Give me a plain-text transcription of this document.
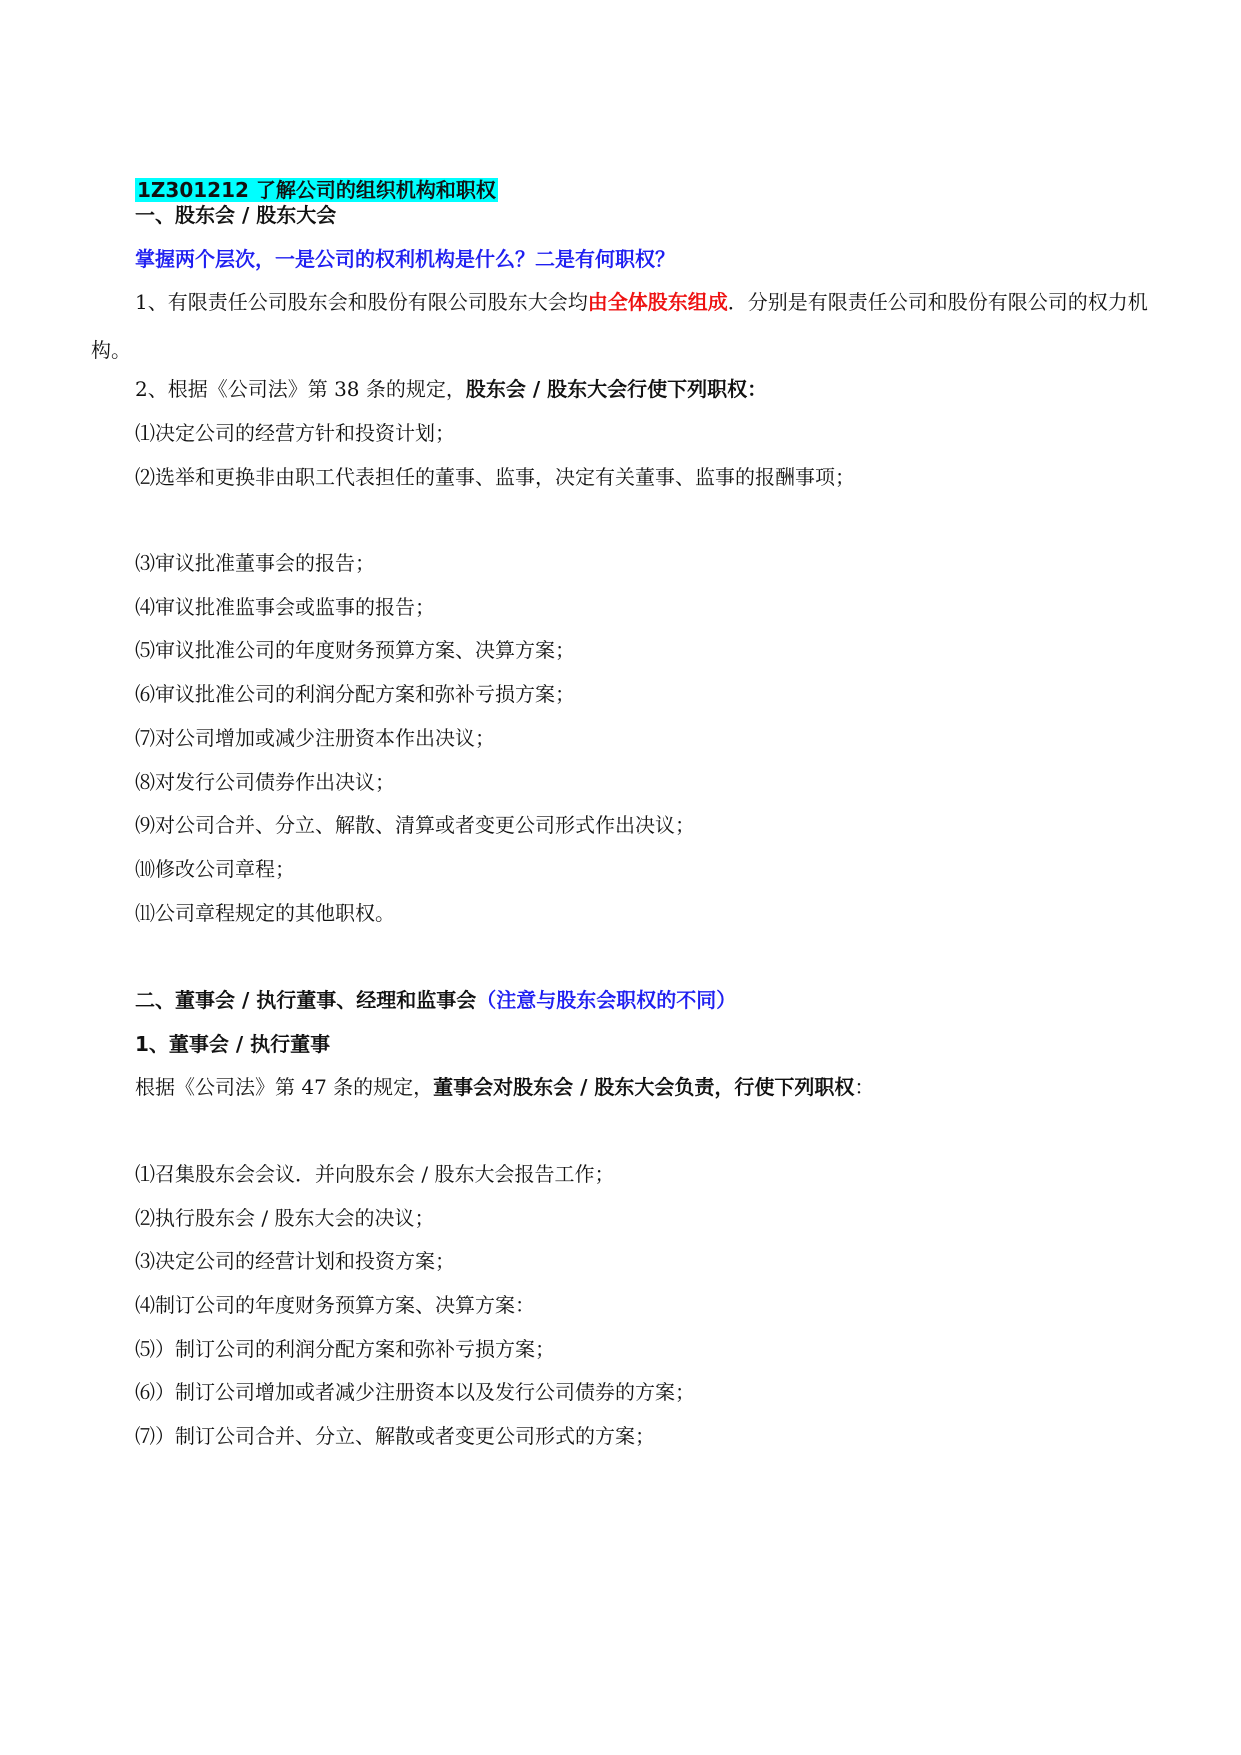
1Z301212 了解公司的组织机构和职权
一、股东会 / 股东大会
掌握两个层次，一是公司的权利机构是什么？二是有何职权？
1、有限责任公司股东会和股份有限公司股东大会均由全体股东组成．分别是有限责任公司和股份有限公司的权力机构。
2、根据《公司法》第 38 条的规定，股东会 / 股东大会行使下列职权：
⑴决定公司的经营方针和投资计划；
⑵选举和更换非由职工代表担任的董事、监事，决定有关董事、监事的报酬事项；
⑶审议批准董事会的报告；
⑷审议批准监事会或监事的报告；
⑸审议批准公司的年度财务预算方案、决算方案；
⑹审议批准公司的利润分配方案和弥补亏损方案；
⑺对公司增加或减少注册资本作出决议；
⑻对发行公司债券作出决议；
⑼对公司合并、分立、解散、清算或者变更公司形式作出决议；
⑽修改公司章程；
⑾公司章程规定的其他职权。
二、董事会 / 执行董事、经理和监事会（注意与股东会职权的不同）
1、董事会 / 执行董事
根据《公司法》第 47 条的规定，董事会对股东会 / 股东大会负责，行使下列职权：
⑴召集股东会会议．并向股东会 / 股东大会报告工作；
⑵执行股东会 / 股东大会的决议；
⑶决定公司的经营计划和投资方案；
⑷制订公司的年度财务预算方案、决算方案：
⑸）制订公司的利润分配方案和弥补亏损方案；
⑹）制订公司增加或者减少注册资本以及发行公司债券的方案；
⑺）制订公司合并、分立、解散或者变更公司形式的方案；
